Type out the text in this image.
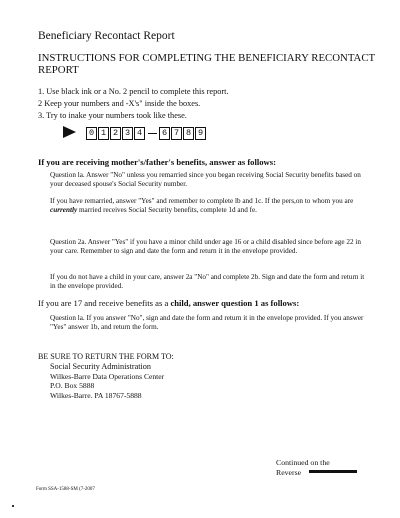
Beneficiary Recontact Report
INSTRUCTIONS FOR COMPLETING THE BENEFICIARY RECONTACT REPORT
1. Use black ink or a No. 2 pencil to complete this report.
2 Keep your numbers and -X's" inside the boxes.
3. Try to inake your numbers took like these.
0 1 2 3 4	6 7 8 9
If you are receiving mother's/father's benefits, answer as follows:
Question la. Answer "No" unless you remarried since you began receiving Social Security benefits based on your deceased spouse's Social Security number.
If you have remarried, answer "Yes" and remember to complete lb and 1c. If the pers,on to whom you are currently married receives Social Security benefits, complete 1d and fe.
Question 2a. Answer "Yes" if you have a minor child under age 16 or a child disabled since before age 22 in your care. Remember to sign and date the form and return it in the envelope provided.
If you do not have a child in your care, answer 2a "No" and complete 2b. Sign and date the form and return it in the envelope provided.
If you are 17 and receive benefits as a child, answer question 1 as follows:
Question la. If you answer "No", sign and date the form and return it in the envelope provided. If you answer "Yes" answer 1b, and return the form.
BE SURE TO RETURN THE FORM TO:
Social Security Administration
Wilkes-Barre Data Operations Center
P.O. Box 5888
Wilkes-Barre. PA 18767-5888
Continued on the
Reverse
Form SSA-1588-SM (7-2007
